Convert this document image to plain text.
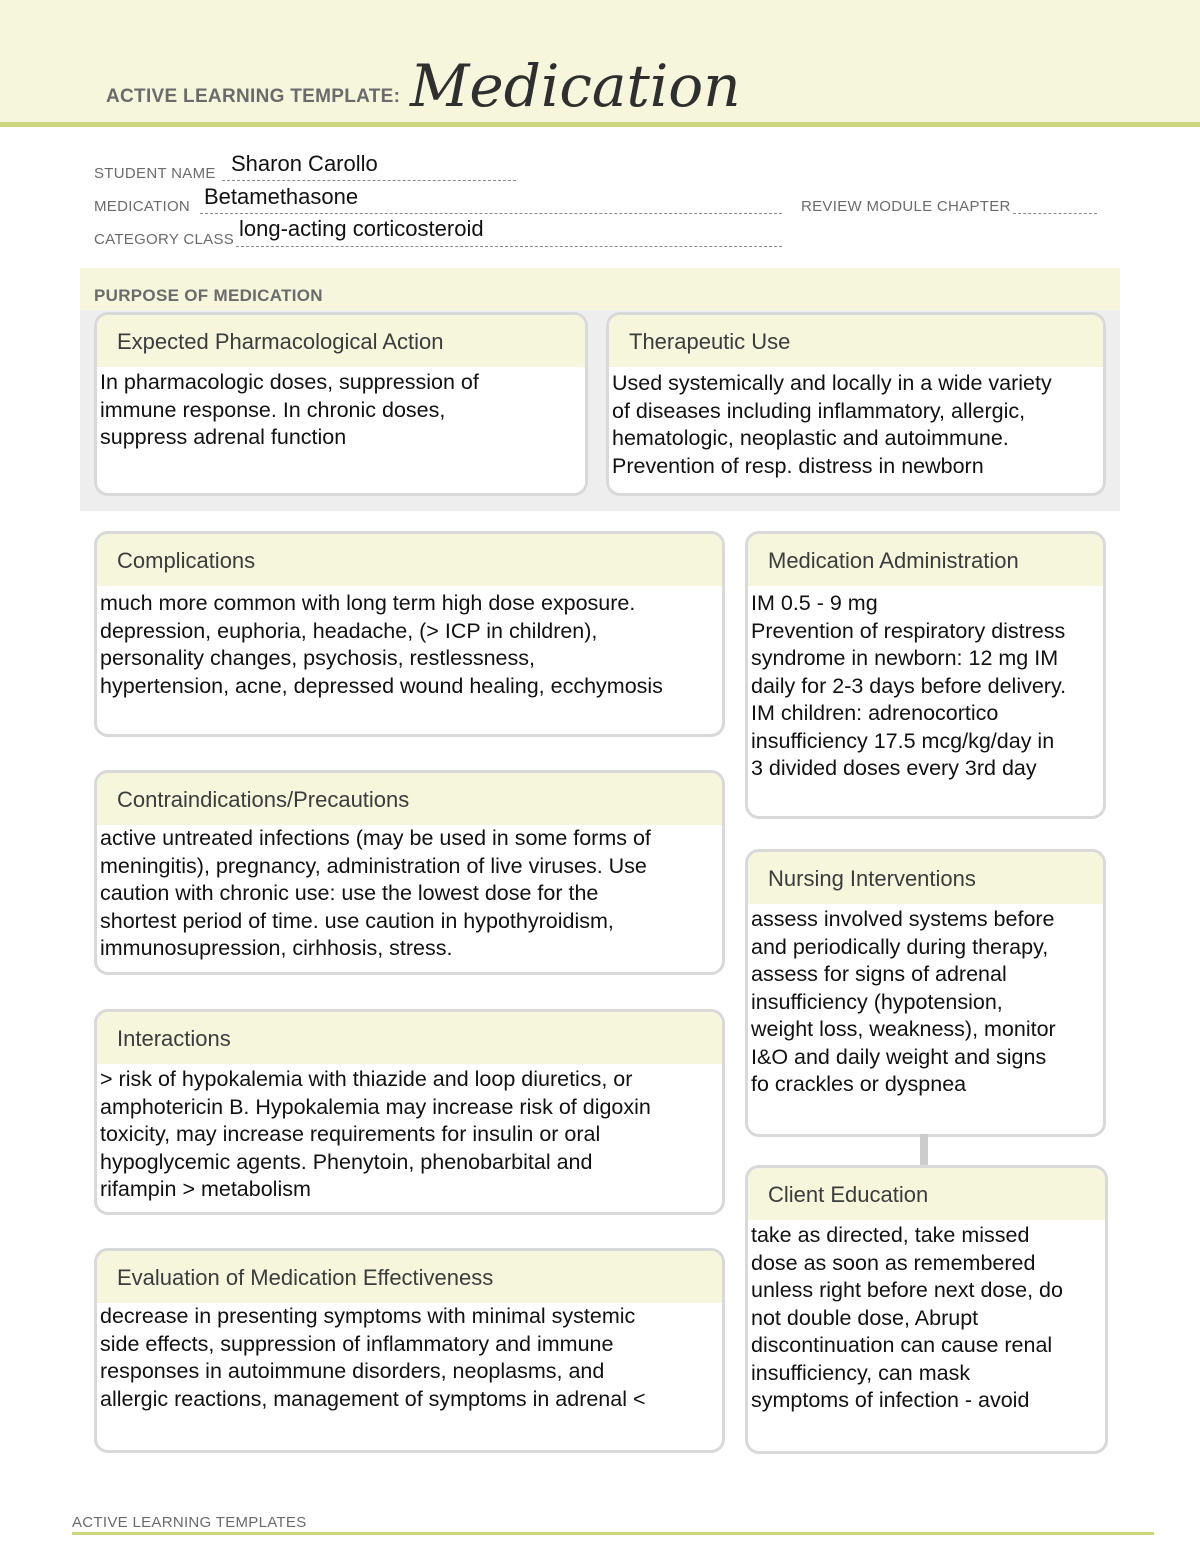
ACTIVE LEARNING TEMPLATE: Medication
STUDENT NAME Sharon Carollo
MEDICATION Betamethasone	REVIEW MODULE CHAPTER
CATEGORY CLASS long-acting corticosteroid
PURPOSE OF MEDICATION
Expected Pharmacological Action
In pharmacologic doses, suppression of
immune response. In chronic doses,
suppress adrenal function
Therapeutic Use
Used systemically and locally in a wide variety
of diseases including inflammatory, allergic,
hematologic, neoplastic and autoimmune.
Prevention of resp. distress in newborn
Complications
much more common with long term high dose exposure.
depression, euphoria, headache, (> ICP in children),
personality changes, psychosis, restlessness,
hypertension, acne, depressed wound healing, ecchymosis
Contraindications/Precautions
active untreated infections (may be used in some forms of
meningitis), pregnancy, administration of live viruses. Use
caution with chronic use: use the lowest dose for the
shortest period of time. use caution in hypothyroidism,
immunosupression, cirhhosis, stress.
Interactions
> risk of hypokalemia with thiazide and loop diuretics, or
amphotericin B. Hypokalemia may increase risk of digoxin
toxicity, may increase requirements for insulin or oral
hypoglycemic agents. Phenytoin, phenobarbital and
rifampin > metabolism
Evaluation of Medication Effectiveness
decrease in presenting symptoms with minimal systemic
side effects, suppression of inflammatory and immune
responses in autoimmune disorders, neoplasms, and
allergic reactions, management of symptoms in adrenal <
Medication Administration
IM 0.5 - 9 mg
Prevention of respiratory distress
syndrome in newborn: 12 mg IM
daily for 2-3 days before delivery.
IM children: adrenocortico
insufficiency 17.5 mcg/kg/day in
3 divided doses every 3rd day
Nursing Interventions
assess involved systems before
and periodically during therapy,
assess for signs of adrenal
insufficiency (hypotension,
weight loss, weakness), monitor
I&O and daily weight and signs
fo crackles or dyspnea
Client Education
take as directed, take missed
dose as soon as remembered
unless right before next dose, do
not double dose, Abrupt
discontinuation can cause renal
insufficiency, can mask
symptoms of infection - avoid
ACTIVE LEARNING TEMPLATES
